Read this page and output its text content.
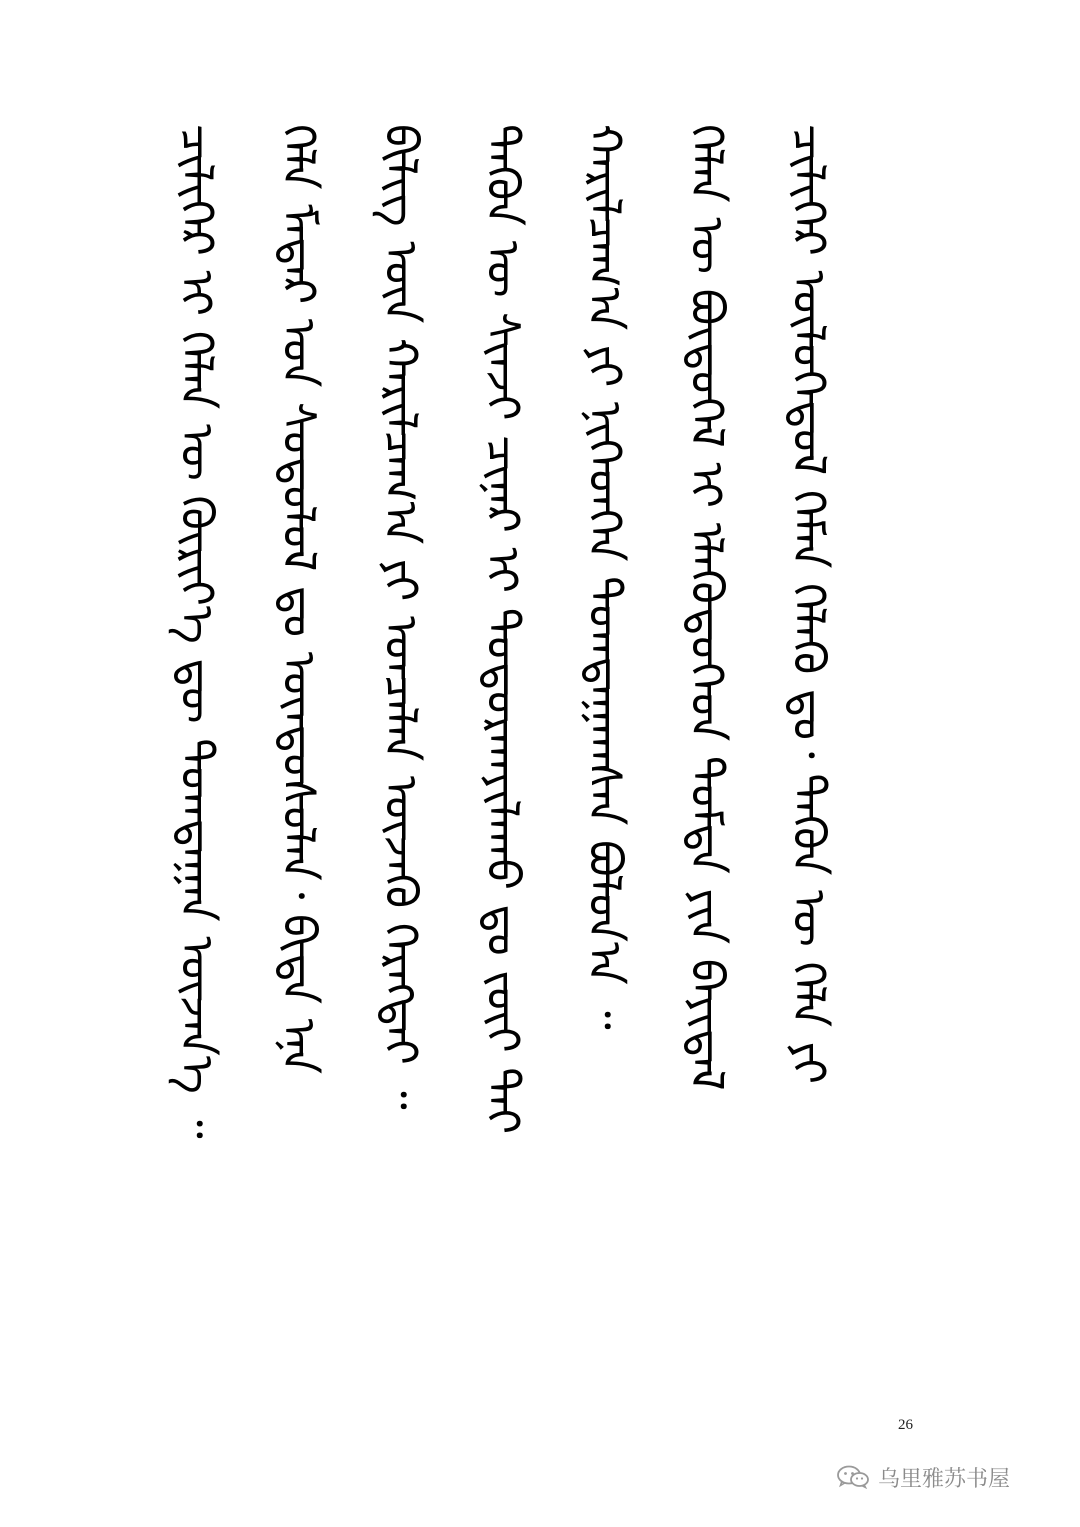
ᠴᠢᠯᠢᠭᠡᠷ ᠥᠯᠦᠭᠡᠳᠦᠯ ᠬᠡᠮᠡᠨ ᠬᠡᠯᠡᠬᠦ ᠳᠤ᠂ ᠲᠡᠭᠦᠨ ᠦ ᠬᠡᠯᠡ ᠶᠢ
ᠬᠡᠯᠡᠨ ᠦ ᠪᠦᠲᠦᠭᠡᠯ ᠢ ᠡᠯᠡᠭᠦᠳᠦᠭᠡᠳ ᠳᠤᠮᠳᠠ ᠶᠢᠨ ᠪᠠᠶᠢᠳᠠᠯ
ᠬᠠᠷᠢᠯᠴᠠᠭ᠎ᠠ ᠶᠢ ᠨᠢᠭᠡᠳᠬᠡᠨ ᠲᠣᠭᠲᠠᠭᠠᠭᠰᠠᠨ ᠪᠣᠯᠤᠨ᠎ᠠ ᠃
ᠲᠡᠭᠦᠨ ᠦ ᠰᠢᠨᠵᠢ ᠴᠢᠨᠠᠷ ᠢ ᠲᠣᠳᠣᠷᠬᠠᠶᠢᠯᠠᠬᠤ ᠳᠤ ᠵᠦᠢ ᠲᠠᠢ
ᠪᠢᠯᠢᠭ ᠦᠨ ᠬᠠᠷᠢᠯᠴᠠᠭ᠎ᠠ ᠶᠢ ᠣᠨᠴᠠᠯᠠᠨ ᠦᠵᠡᠬᠦ ᠬᠡᠷᠡᠭᠲᠡᠢ ᠃
ᠬᠡᠯᠡ ᠮᠠᠲᠠᠷ ᠤᠨ ᠰᠤᠳᠤᠯᠤᠯ ᠳᠤ ᠦᠨᠳᠦᠰᠦᠯᠡᠨ᠂ ᠪᠢᠳᠡ ᠡᠨᠡ
ᠴᠢᠯᠢᠭᠡᠷ ᠢ ᠬᠡᠯᠡᠨ ᠦ ᠬᠦᠷᠢᠶ᠎ᠡ ᠳᠦ ᠲᠣᠭᠲᠠᠭᠠᠨ ᠦᠵᠡᠨ᠎ᠡ ᠃
26
乌里雅苏书屋
